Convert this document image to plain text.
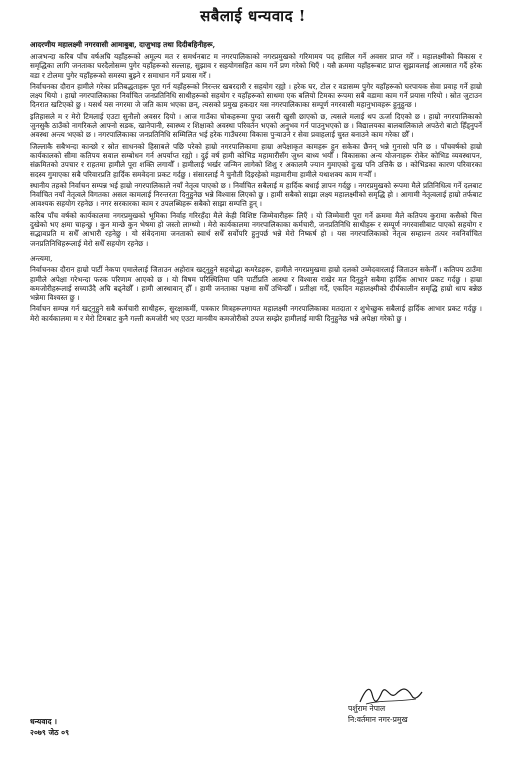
सबैलाई धन्यवाद !
आदरणीय महालक्ष्मी नगरवासी आमाबुबा, दाजुभाइ तथा दिदीबहिनीहरू,

आजभन्दा करिब पाँच वर्षअघि यहाँहरूको अमूल्य मत र समर्थनबाट म नगरपालिकाको नगरप्रमुखको गरिमामय पद हासिल गर्ने अवसर प्राप्त गरेँ । महालक्ष्मीको विकास र समृद्धिका लागि जनताका घरदैलोसम्म पुगेर यहाँहरूको सल्लाह, सुझाव र सहयोगसहित काम गर्ने प्रण गरेको थिएँ । यसै क्रममा यहाँहरूबाट प्राप्त सुझावलाई आत्मसात गर्दै हरेक वडा र टोलमा पुगेर यहाँहरूको समस्या बुझ्ने र समाधान गर्ने प्रयास गरेँ ।

निर्वाचनका दौरान हामीले गरेका प्रतिबद्धताहरू पूरा गर्न यहाँहरूको निरन्तर खबरदारी र सहयोग रह्यो । हरेक घर, टोल र वडासम्म पुगेर यहाँहरूको घरपायक सेवा प्रवाह गर्ने हाम्रो लक्ष्य थियो । हाम्रो नगरपालिकाका निर्वाचित जनप्रतिनिधि साथीहरूको सहयोग र यहाँहरूको साथमा एक बलियो टिमका रूपमा सबै वडामा काम गर्ने प्रयास गरियो । स्रोत जुटाउन दिनरात खटिएको छु । यसर्थ यस नगरमा जे जति काम भएका छन्, त्यसको प्रमुख हकदार यस नगरपालिकाका सम्पूर्ण नगरवासी महानुभावहरू हुनुहुन्छ ।

इतिहासले म र मेरो टिमलाई एउटा सुनौलो अवसर दियो । आज गाउँका चोकहरूमा पुग्दा जसरी खुसी छाएको छ, त्यसले मलाई थप ऊर्जा दिएको छ । हाम्रो नगरपालिकाको जुनसुकै ठाउँको नागरिकले आफ्नो सडक, खानेपानी, स्वास्थ्य र शिक्षाको अवस्था परिवर्तन भएको अनुभव गर्न पाउनुभएको छ । विद्यालयका बालबालिकाले अपठेरो बाटो हिँड्नुपर्ने अवस्था अन्त्य भएको छ । नगरपालिकाका जनप्रतिनिधि सम्मिलित भई हरेक गाउँघरमा विकास पुर्‍याउने र सेवा प्रवाहलाई चुस्त बनाउने काम गरेका छौँ ।

जिल्लाकै सबैभन्दा कान्छो र स्रोत साधनको हिसाबले पछि परेको हाम्रो नगरपालिकामा हाम्रा अपेक्षाकृत कामहरू हुन सकेका छैनन् भन्ने गुनासो पनि छ । पाँचवर्षको हाम्रो कार्यकालको सीमा कतिपय सवाल सम्बोधन गर्न अपर्याप्त रह्यो । दुई वर्ष हामी कोभिड महामारीसँग जुध्न बाध्य भयौँ । विकासका अन्य योजनाहरू रोकेर कोभिड व्यवस्थापन, संक्रमितको उपचार र राहतमा हामीले पूरा शक्ति लगायौँ । हामीलाई भर्खर जन्मिन लागेको शिशु र अकालमै ज्यान गुमाएको दुःख पनि उत्तिकै छ । कोभिडका कारण परिवारका सदस्य गुमाएका सबै परिवारप्रति हार्दिक समवेदना प्रकट गर्दछु । संसारलाई नै चुनौती दिइरहेको महामारीमा हामीले यथाशक्य काम गर्‍यौँ ।

स्थानीय तहको निर्वाचन सम्पन्न भई हाम्रो नगरपालिकाले नयाँ नेतृत्व पाएको छ । निर्वाचित सबैलाई म हार्दिक बधाई ज्ञापन गर्दछु । नगरप्रमुखको रूपमा मैले प्रतिनिधित्व गर्ने दलबाट निर्वाचित नयाँ नेतृत्वले विगतका असल कामलाई निरन्तरता दिनुहुनेछ भन्ने विश्वास लिएको छु । हामी सबैको साझा लक्ष्य महालक्ष्मीको समृद्धि हो । आगामी नेतृत्वलाई हाम्रो तर्फबाट आवश्यक सहयोग रहनेछ । नगर सरकारका काम र उपलब्धिहरू सबैको साझा सम्पत्ति हुन् ।

करिब पाँच वर्षको कार्यकालमा नगरप्रमुखको भूमिका निर्वाह गरिरहँदा मैले केही विशिष्ट जिम्मेवारीहरू लिएँ । यो जिम्मेवारी पूरा गर्ने क्रममा मैले कतिपय कुरामा कसैको चित्त दुखेको भए क्षमा चाहन्छु । कुन मान्छे कुन भेषमा हो जस्तो लाग्थ्यो । मेरो कार्यकालमा नगरपालिकाका कर्मचारी, जनप्रतिनिधि साथीहरू र सम्पूर्ण नगरवासीबाट पाएको सहयोग र सद्भावप्रति म सधैँ आभारी रहनेछु । यो संवेदनामा जनताको स्वार्थ सधैँ सर्वोपरि हुनुपर्छ भन्ने मेरो निष्कर्ष हो । यस नगरपालिकाको नेतृत्व सम्हाल्न तत्पर नवनिर्वाचित जनप्रतिनिधिहरूलाई मेरो सधैँ सहयोग रहनेछ ।

अन्त्यमा,

निर्वाचनका दौरान हाम्रो पार्टी नेकपा एमालेलाई जिताउन अहोरात्र खट्नुहुने सहयोद्धा कमरेडहरू, हामीले नगरप्रमुखमा हाम्रो दलको उम्मेदवारलाई जिताउन सकेनौँ । कतिपय ठाउँमा हामीले अपेक्षा गरेभन्दा फरक परिणाम आएको छ । यो विषम परिस्थितिमा पनि पार्टीप्रति आस्था र विश्वास राखेर मत दिनुहुने सबैमा हार्दिक आभार प्रकट गर्दछु । हाम्रा कमजोरीहरूलाई सच्याउँदै अघि बढ्नेछौँ । हामी आस्थावान् हौँ । हामी जनताका पक्षमा सधैँ उभिन्छौँ । प्रतीक्षा गर्दै, एकदिन महालक्ष्मीको दीर्घकालीन समृद्धि हाम्रो धाप बन्नेछ भन्नेमा विश्वस्त छु ।

निर्वाचन सम्पन्न गर्न खट्नुहुने सबै कर्मचारी साथीहरू, सुरक्षाकर्मी, पत्रकार मित्रहरूलगायत महालक्ष्मी नगरपालिकाका मतदाता र शुभेच्छुक सबैलाई हार्दिक आभार प्रकट गर्दछु । मेरो कार्यकालमा म र मेरो टिमबाट कुनै गल्ती कमजोरी भए एउटा मानवीय कमजोरीको उपज सम्झेर हामीलाई माफी दिनुहुनेछ भन्ने अपेक्षा गरेको छु ।

धन्यवाद ।
२०७९ जेठ ०९
पर्शुराम नेपाल
नि:वर्तमान नगर-प्रमुख
